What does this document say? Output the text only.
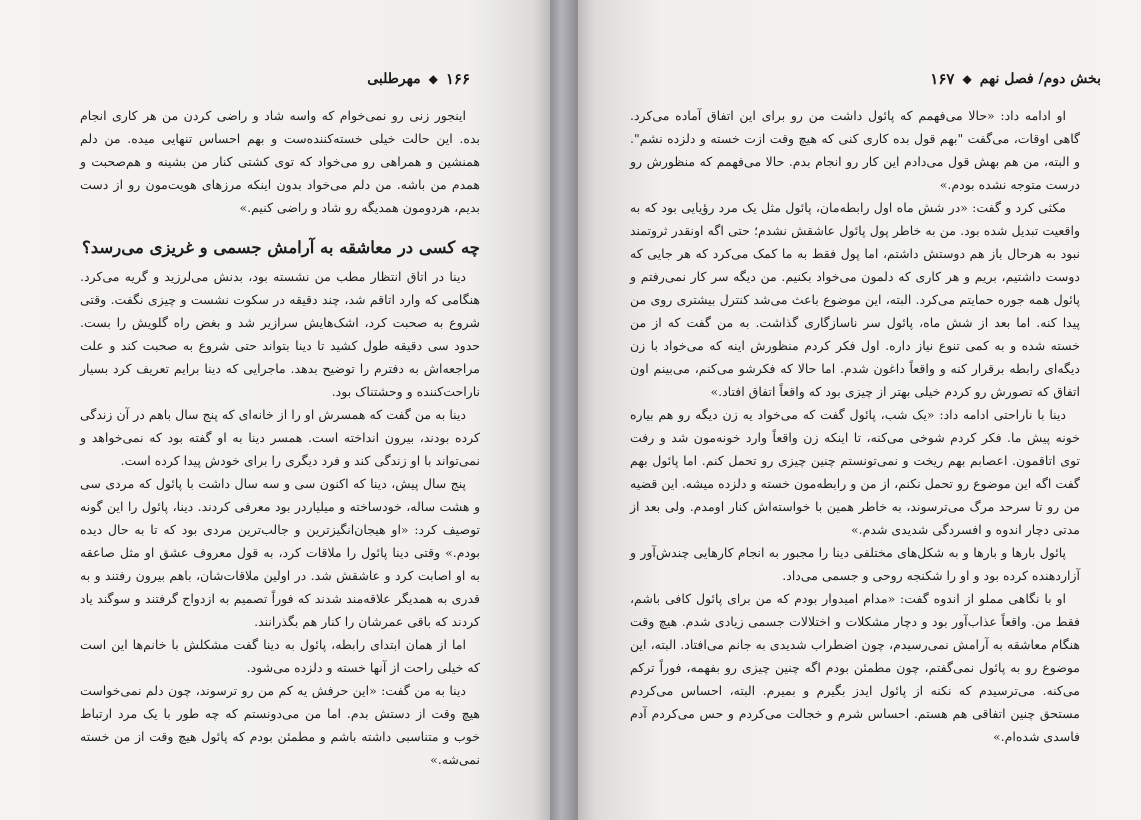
۱۶۶
◆
مهرطلبی

اینجور زنی رو نمی‌خوام که واسه شاد و راضی کردن من هر کاری انجام بده. این حالت خیلی خسته‌کننده‌ست و بهم احساس تنهایی میده. من دلم همنشین و همراهی رو می‌خواد که توی کشتی کنار من بشینه و هم‌صحبت و همدم من باشه. من دلم می‌خواد بدون اینکه مرزهای هویت‌مون رو از دست بدیم، هردومون همدیگه رو شاد و راضی کنیم.»

چه کسی در معاشقه به آرامش جسمی و غریزی می‌رسد؟

دینا در اتاق انتظار مطب من نشسته بود، بدنش می‌لرزید و گریه می‌کرد. هنگامی که وارد اتاقم شد، چند دقیقه در سکوت نشست و چیزی نگفت. وقتی شروع به صحبت کرد، اشک‌هایش سرازیر شد و بغض راه گلویش را بست. حدود سی دقیقه طول کشید تا دینا بتواند حتی شروع به صحبت کند و علت مراجعه‌اش به دفترم را توضیح بدهد. ماجرایی که دینا برایم تعریف کرد بسیار ناراحت‌کننده و وحشتناک بود.

دینا به من گفت که همسرش او را از خانه‌ای که پنج سال باهم در آن زندگی کرده بودند، بیرون انداخته است. همسر دینا به او گفته بود که نمی‌خواهد و نمی‌تواند با او زندگی کند و فرد دیگری را برای خودش پیدا کرده است.

پنج سال پیش، دینا که اکنون سی و سه سال داشت با پائول که مردی سی و هشت ساله، خودساخته و میلیاردر بود معرفی کردند. دینا، پائول را این گونه توصیف کرد: «او هیجان‌انگیزترین و جالب‌ترین مردی بود که تا به حال دیده بودم.» وقتی دینا پائول را ملاقات کرد، به قول معروف عشق او مثل صاعقه به او اصابت کرد و عاشقش شد. در اولین ملاقات‌شان، باهم بیرون رفتند و به قدری به همدیگر علاقه‌مند شدند که فوراً تصمیم به ازدواج گرفتند و سوگند یاد کردند که باقی عمرشان را کنار هم بگذرانند.

اما از همان ابتدای رابطه، پائول به دینا گفت مشکلش با خانم‌ها این است که خیلی راحت از آنها خسته و دلزده می‌شود.

دینا به من گفت: «این حرفش یه کم من رو ترسوند، چون دلم نمی‌خواست هیچ وقت از دستش بدم. اما من می‌دونستم که چه طور با یک مرد ارتباط خوب و متناسبی داشته باشم و مطمئن بودم که پائول هیچ وقت از من خسته نمی‌شه.»

بخش دوم/ فصل نهم
◆
۱۶۷

او ادامه داد: «حالا می‌فهمم که پائول داشت من رو برای این اتفاق آماده می‌کرد. گاهی اوقات، می‌گفت "بهم قول بده کاری کنی که هیچ وقت ازت خسته و دلزده نشم". و البته، من هم بهش قول می‌دادم این کار رو انجام بدم. حالا می‌فهمم که منظورش رو درست متوجه نشده بودم.»

مکثی کرد و گفت: «در شش ماه اول رابطه‌مان، پائول مثل یک مرد رؤیایی بود که به واقعیت تبدیل شده بود. من به خاطر پول پائول عاشقش نشدم؛ حتی اگه اونقدر ثروتمند نبود به هرحال باز هم دوستش داشتم، اما پول فقط به ما کمک می‌کرد که هر جایی که دوست داشتیم، بریم و هر کاری که دلمون می‌خواد بکنیم. من دیگه سر کار نمی‌رفتم و پائول همه جوره حمایتم می‌کرد. البته، این موضوع باعث می‌شد کنترل بیشتری روی من پیدا کنه. اما بعد از شش ماه، پائول سر ناسازگاری گذاشت. به من گفت که از من خسته شده و به کمی تنوع نیاز داره. اول فکر کردم منظورش اینه که می‌خواد با زن دیگه‌ای رابطه برقرار کنه و واقعاً داغون شدم. اما حالا که فکرشو می‌کنم، می‌بینم اون اتفاق که تصورش رو کردم خیلی بهتر از چیزی بود که واقعاً اتفاق افتاد.»

دینا با ناراحتی ادامه داد: «یک شب، پائول گفت که می‌خواد یه زن دیگه رو هم بیاره خونه پیش ما. فکر کردم شوخی می‌کنه، تا اینکه زن واقعاً وارد خونه‌مون شد و رفت توی اتاقمون. اعصابم بهم ریخت و نمی‌تونستم چنین چیزی رو تحمل کنم. اما پائول بهم گفت اگه این موضوع رو تحمل نکنم، از من و رابطه‌مون خسته و دلزده میشه. این قضیه من رو تا سرحد مرگ می‌ترسوند، به خاطر همین با خواسته‌اش کنار اومدم. ولی بعد از مدتی دچار اندوه و افسردگی شدیدی شدم.»

پائول بارها و بارها و به شکل‌های مختلفی دینا را مجبور به انجام کارهایی چندش‌آور و آزاردهنده کرده بود و او را شکنجه روحی و جسمی می‌داد.

او با نگاهی مملو از اندوه گفت: «مدام امیدوار بودم که من برای پائول کافی باشم، فقط من. واقعاً عذاب‌آور بود و دچار مشکلات و اختلالات جسمی زیادی شدم. هیچ وقت هنگام معاشقه به آرامش نمی‌رسیدم، چون اضطراب شدیدی به جانم می‌افتاد. البته، این موضوع رو به پائول نمی‌گفتم، چون مطمئن بودم اگه چنین چیزی رو بفهمه، فوراً ترکم می‌کنه. می‌ترسیدم که نکنه از پائول ایدز بگیرم و بمیرم. البته، احساس می‌کردم مستحق چنین اتفاقی هم هستم. احساس شرم و خجالت می‌کردم و حس می‌کردم آدم فاسدی شده‌ام.»
